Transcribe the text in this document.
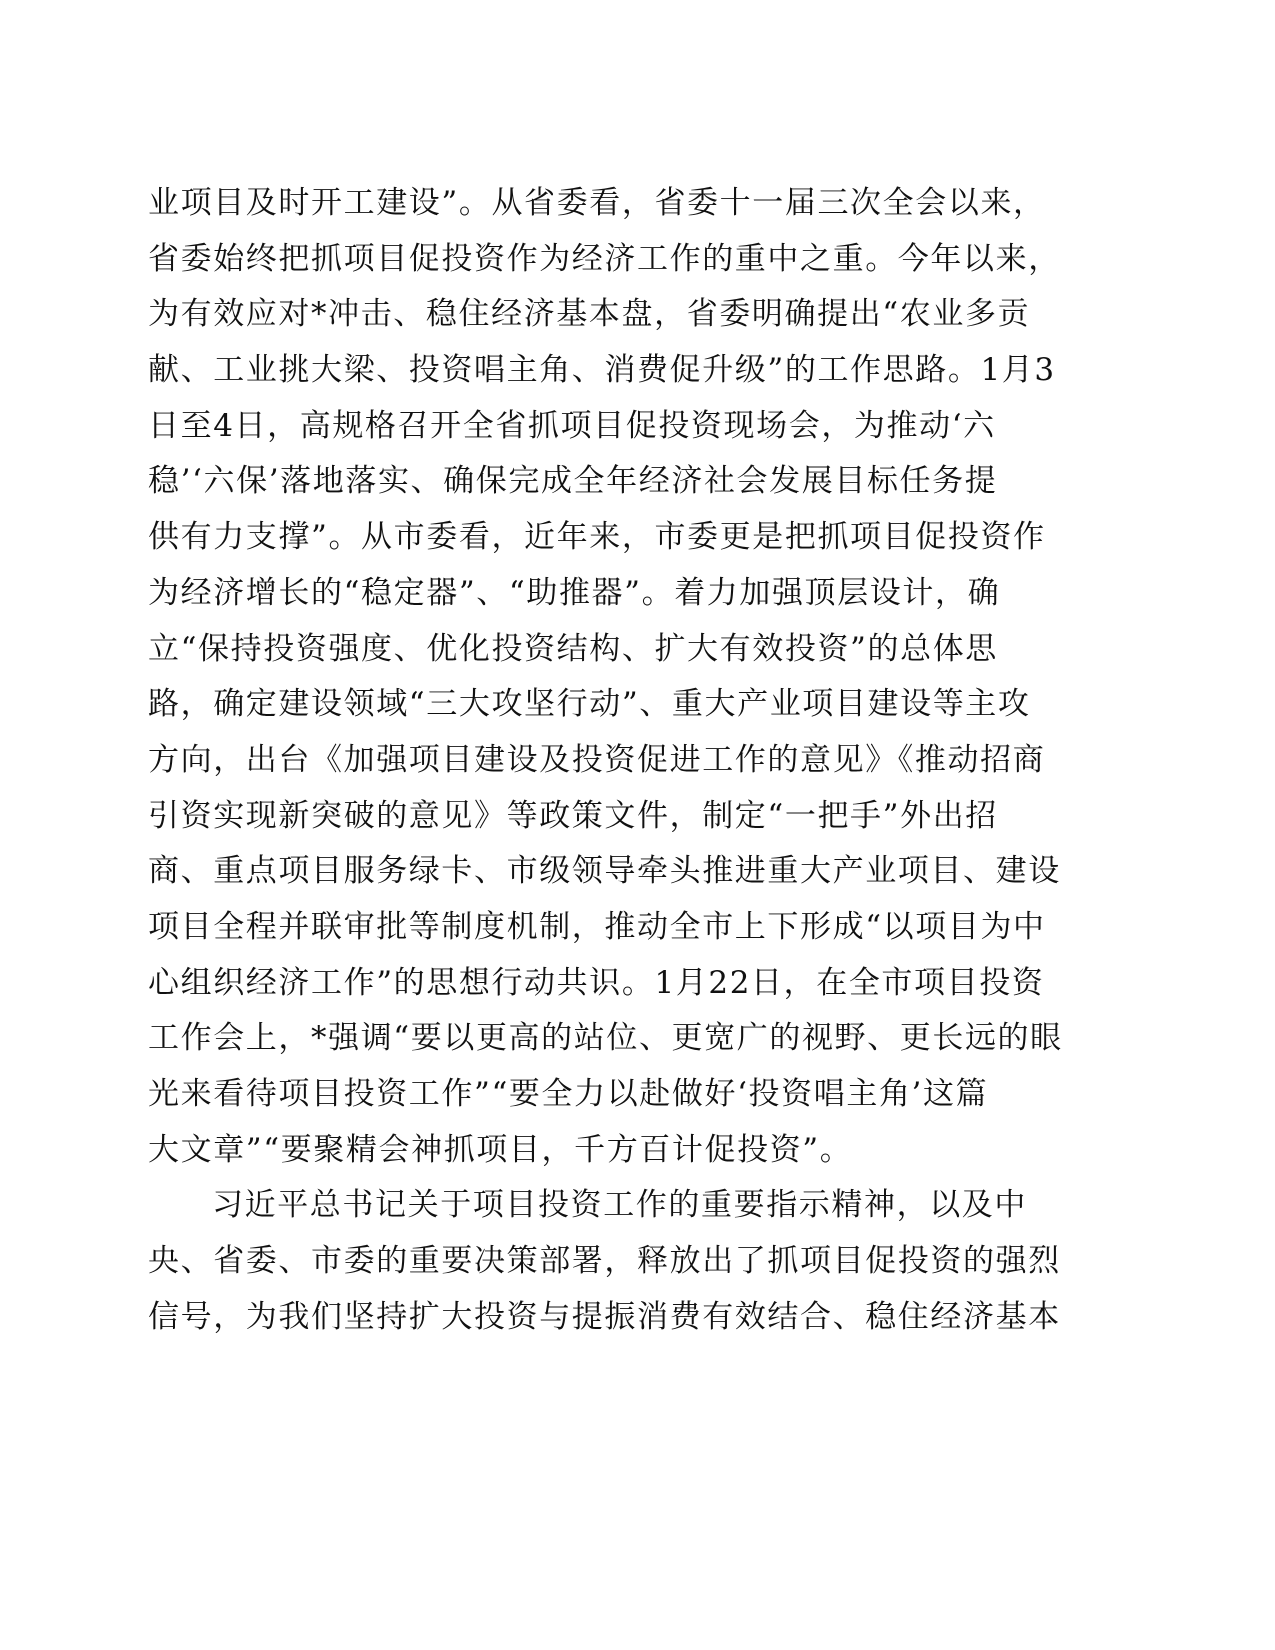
业项目及时开工建设”。从省委看，省委十一届三次全会以来，
省委始终把抓项目促投资作为经济工作的重中之重。今年以来，
为有效应对*冲击、稳住经济基本盘，省委明确提出“农业多贡
献、工业挑大梁、投资唱主角、消费促升级”的工作思路。1月3
日至4日，高规格召开全省抓项目促投资现场会，为推动‘六
稳’‘六保’落地落实、确保完成全年经济社会发展目标任务提
供有力支撑”。从市委看，近年来，市委更是把抓项目促投资作
为经济增长的“稳定器”、“助推器”。着力加强顶层设计，确
立“保持投资强度、优化投资结构、扩大有效投资”的总体思
路，确定建设领域“三大攻坚行动”、重大产业项目建设等主攻
方向，出台《加强项目建设及投资促进工作的意见》《推动招商
引资实现新突破的意见》等政策文件，制定“一把手”外出招
商、重点项目服务绿卡、市级领导牵头推进重大产业项目、建设
项目全程并联审批等制度机制，推动全市上下形成“以项目为中
心组织经济工作”的思想行动共识。1月22日，在全市项目投资
工作会上，*强调“要以更高的站位、更宽广的视野、更长远的眼
光来看待项目投资工作”“要全力以赴做好‘投资唱主角’这篇
大文章”“要聚精会神抓项目，千方百计促投资”。
习近平总书记关于项目投资工作的重要指示精神，以及中
央、省委、市委的重要决策部署，释放出了抓项目促投资的强烈
信号，为我们坚持扩大投资与提振消费有效结合、稳住经济基本
